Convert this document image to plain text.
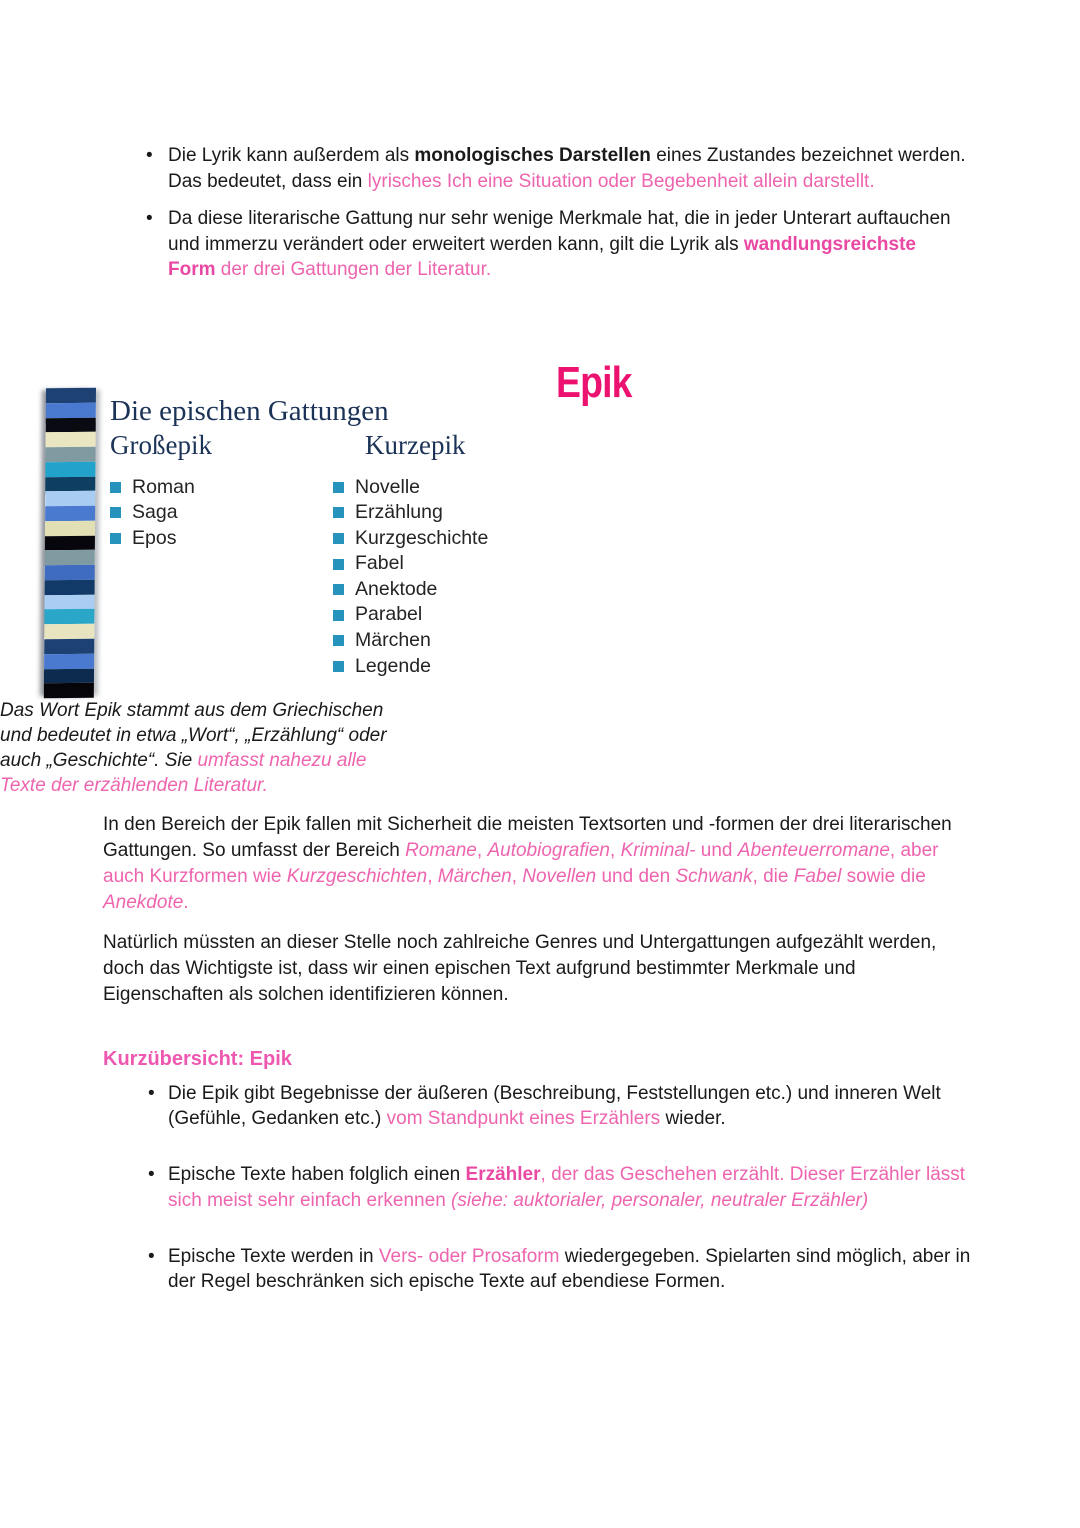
• Die Lyrik kann außerdem als monologisches Darstellen eines Zustandes bezeichnet werden. Das bedeutet, dass ein lyrisches Ich eine Situation oder Begebenheit allein darstellt.
• Da diese literarische Gattung nur sehr wenige Merkmale hat, die in jeder Unterart auftauchen und immerzu verändert oder erweitert werden kann, gilt die Lyrik als wandlungsreichste Form der drei Gattungen der Literatur.
Die epischen Gattungen
Großepik
Roman
Saga
Epos
Kurzepik
Novelle
Erzählung
Kurzgeschichte
Fabel
Anektode
Parabel
Märchen
Legende
Epik

Das Wort Epik stammt aus dem Griechischen und bedeutet in etwa „Wort“, „Erzählung“ oder auch „Geschichte“. Sie umfasst nahezu alle Texte der erzählenden Literatur.

In den Bereich der Epik fallen mit Sicherheit die meisten Textsorten und -formen der drei literarischen Gattungen. So umfasst der Bereich Romane, Autobiografien, Kriminal- und Abenteuerromane, aber auch Kurzformen wie Kurzgeschichten, Märchen, Novellen und den Schwank, die Fabel sowie die Anekdote.

Natürlich müssten an dieser Stelle noch zahlreiche Genres und Untergattungen aufgezählt werden, doch das Wichtigste ist, dass wir einen epischen Text aufgrund bestimmter Merkmale und Eigenschaften als solchen identifizieren können.

Kurzübersicht: Epik
• Die Epik gibt Begebnisse der äußeren (Beschreibung, Feststellungen etc.) und inneren Welt (Gefühle, Gedanken etc.) vom Standpunkt eines Erzählers wieder.
• Epische Texte haben folglich einen Erzähler, der das Geschehen erzählt. Dieser Erzähler lässt sich meist sehr einfach erkennen (siehe: auktorialer, personaler, neutraler Erzähler)
• Epische Texte werden in Vers- oder Prosaform wiedergegeben. Spielarten sind möglich, aber in der Regel beschränken sich epische Texte auf ebendiese Formen.
